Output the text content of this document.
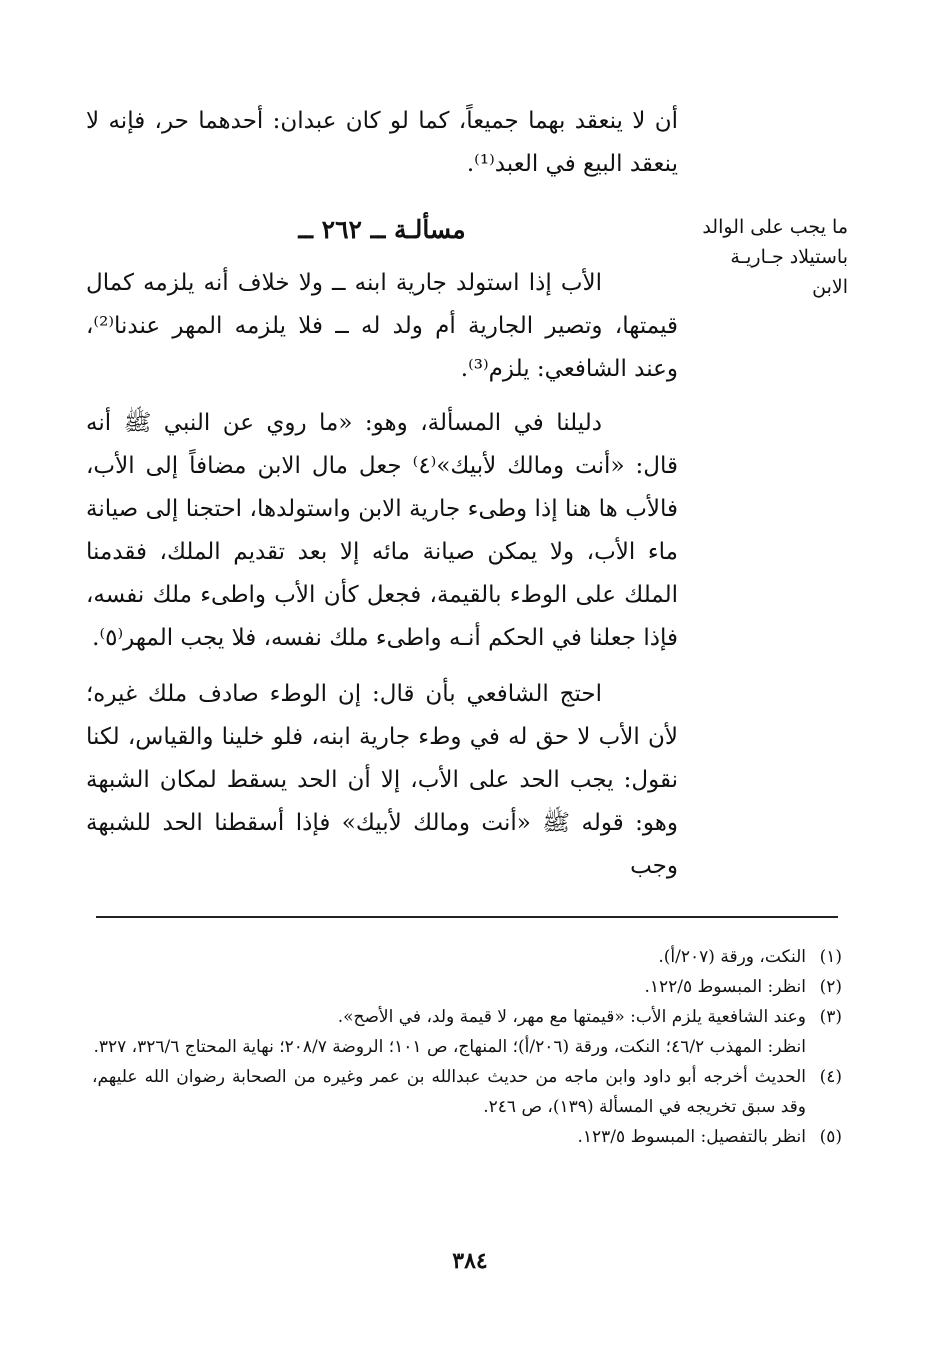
أن لا ينعقد بهما جميعاً، كما لو كان عبدان: أحدهما حر، فإنه لا ينعقد البيع في العبد⁽¹⁾.
مسألـة ــ ٢٦٢ ــ	ما يجب على الوالد
باستيلاد جـاريـة
الابن
الأب إذا استولد جارية ابنه ــ ولا خلاف أنه يلزمه كمال قيمتها، وتصير الجارية أم ولد له ــ فلا يلزمه المهر عندنا⁽²⁾، وعند الشافعي: يلزم⁽³⁾.
دليلنا في المسألة، وهو: «ما روي عن النبي ﷺ أنه قال: «أنت ومالك لأبيك»⁽٤⁾ جعل مال الابن مضافاً إلى الأب، فالأب ها هنا إذا وطىء جارية الابن واستولدها، احتجنا إلى صيانة ماء الأب، ولا يمكن صيانة مائه إلا بعد تقديم الملك، فقدمنا الملك على الوطء بالقيمة، فجعل كأن الأب واطىء ملك نفسه، فإذا جعلنا في الحكم أنـه واطىء ملك نفسه، فلا يجب المهر⁽٥⁾.
احتج الشافعي بأن قال: إن الوطء صادف ملك غيره؛ لأن الأب لا حق له في وطء جارية ابنه، فلو خلينا والقياس، لكنا نقول: يجب الحد على الأب، إلا أن الحد يسقط لمكان الشبهة وهو: قوله ﷺ «أنت ومالك لأبيك» فإذا أسقطنا الحد للشبهة وجب
(١)
النكت، ورقة (٢٠٧/أ).
(٢)
انظر: المبسوط ١٢٢/٥.
(٣)
وعند الشافعية يلزم الأب: «قيمتها مع مهر، لا قيمة ولد، في الأصح».
انظر: المهذب ٤٦/٢؛ النكت، ورقة (٢٠٦/أ)؛ المنهاج، ص ١٠١؛ الروضة ٢٠٨/٧؛ نهاية المحتاج ٣٢٦/٦، ٣٢٧.
(٤)
الحديث أخرجه أبو داود وابن ماجه من حديث عبدالله بن عمر وغيره من الصحابة رضوان الله عليهم، وقد سبق تخريجه في المسألة (١٣٩)، ص ٢٤٦.
(٥)
انظر بالتفصيل: المبسوط ١٢٣/٥.
٣٨٤
